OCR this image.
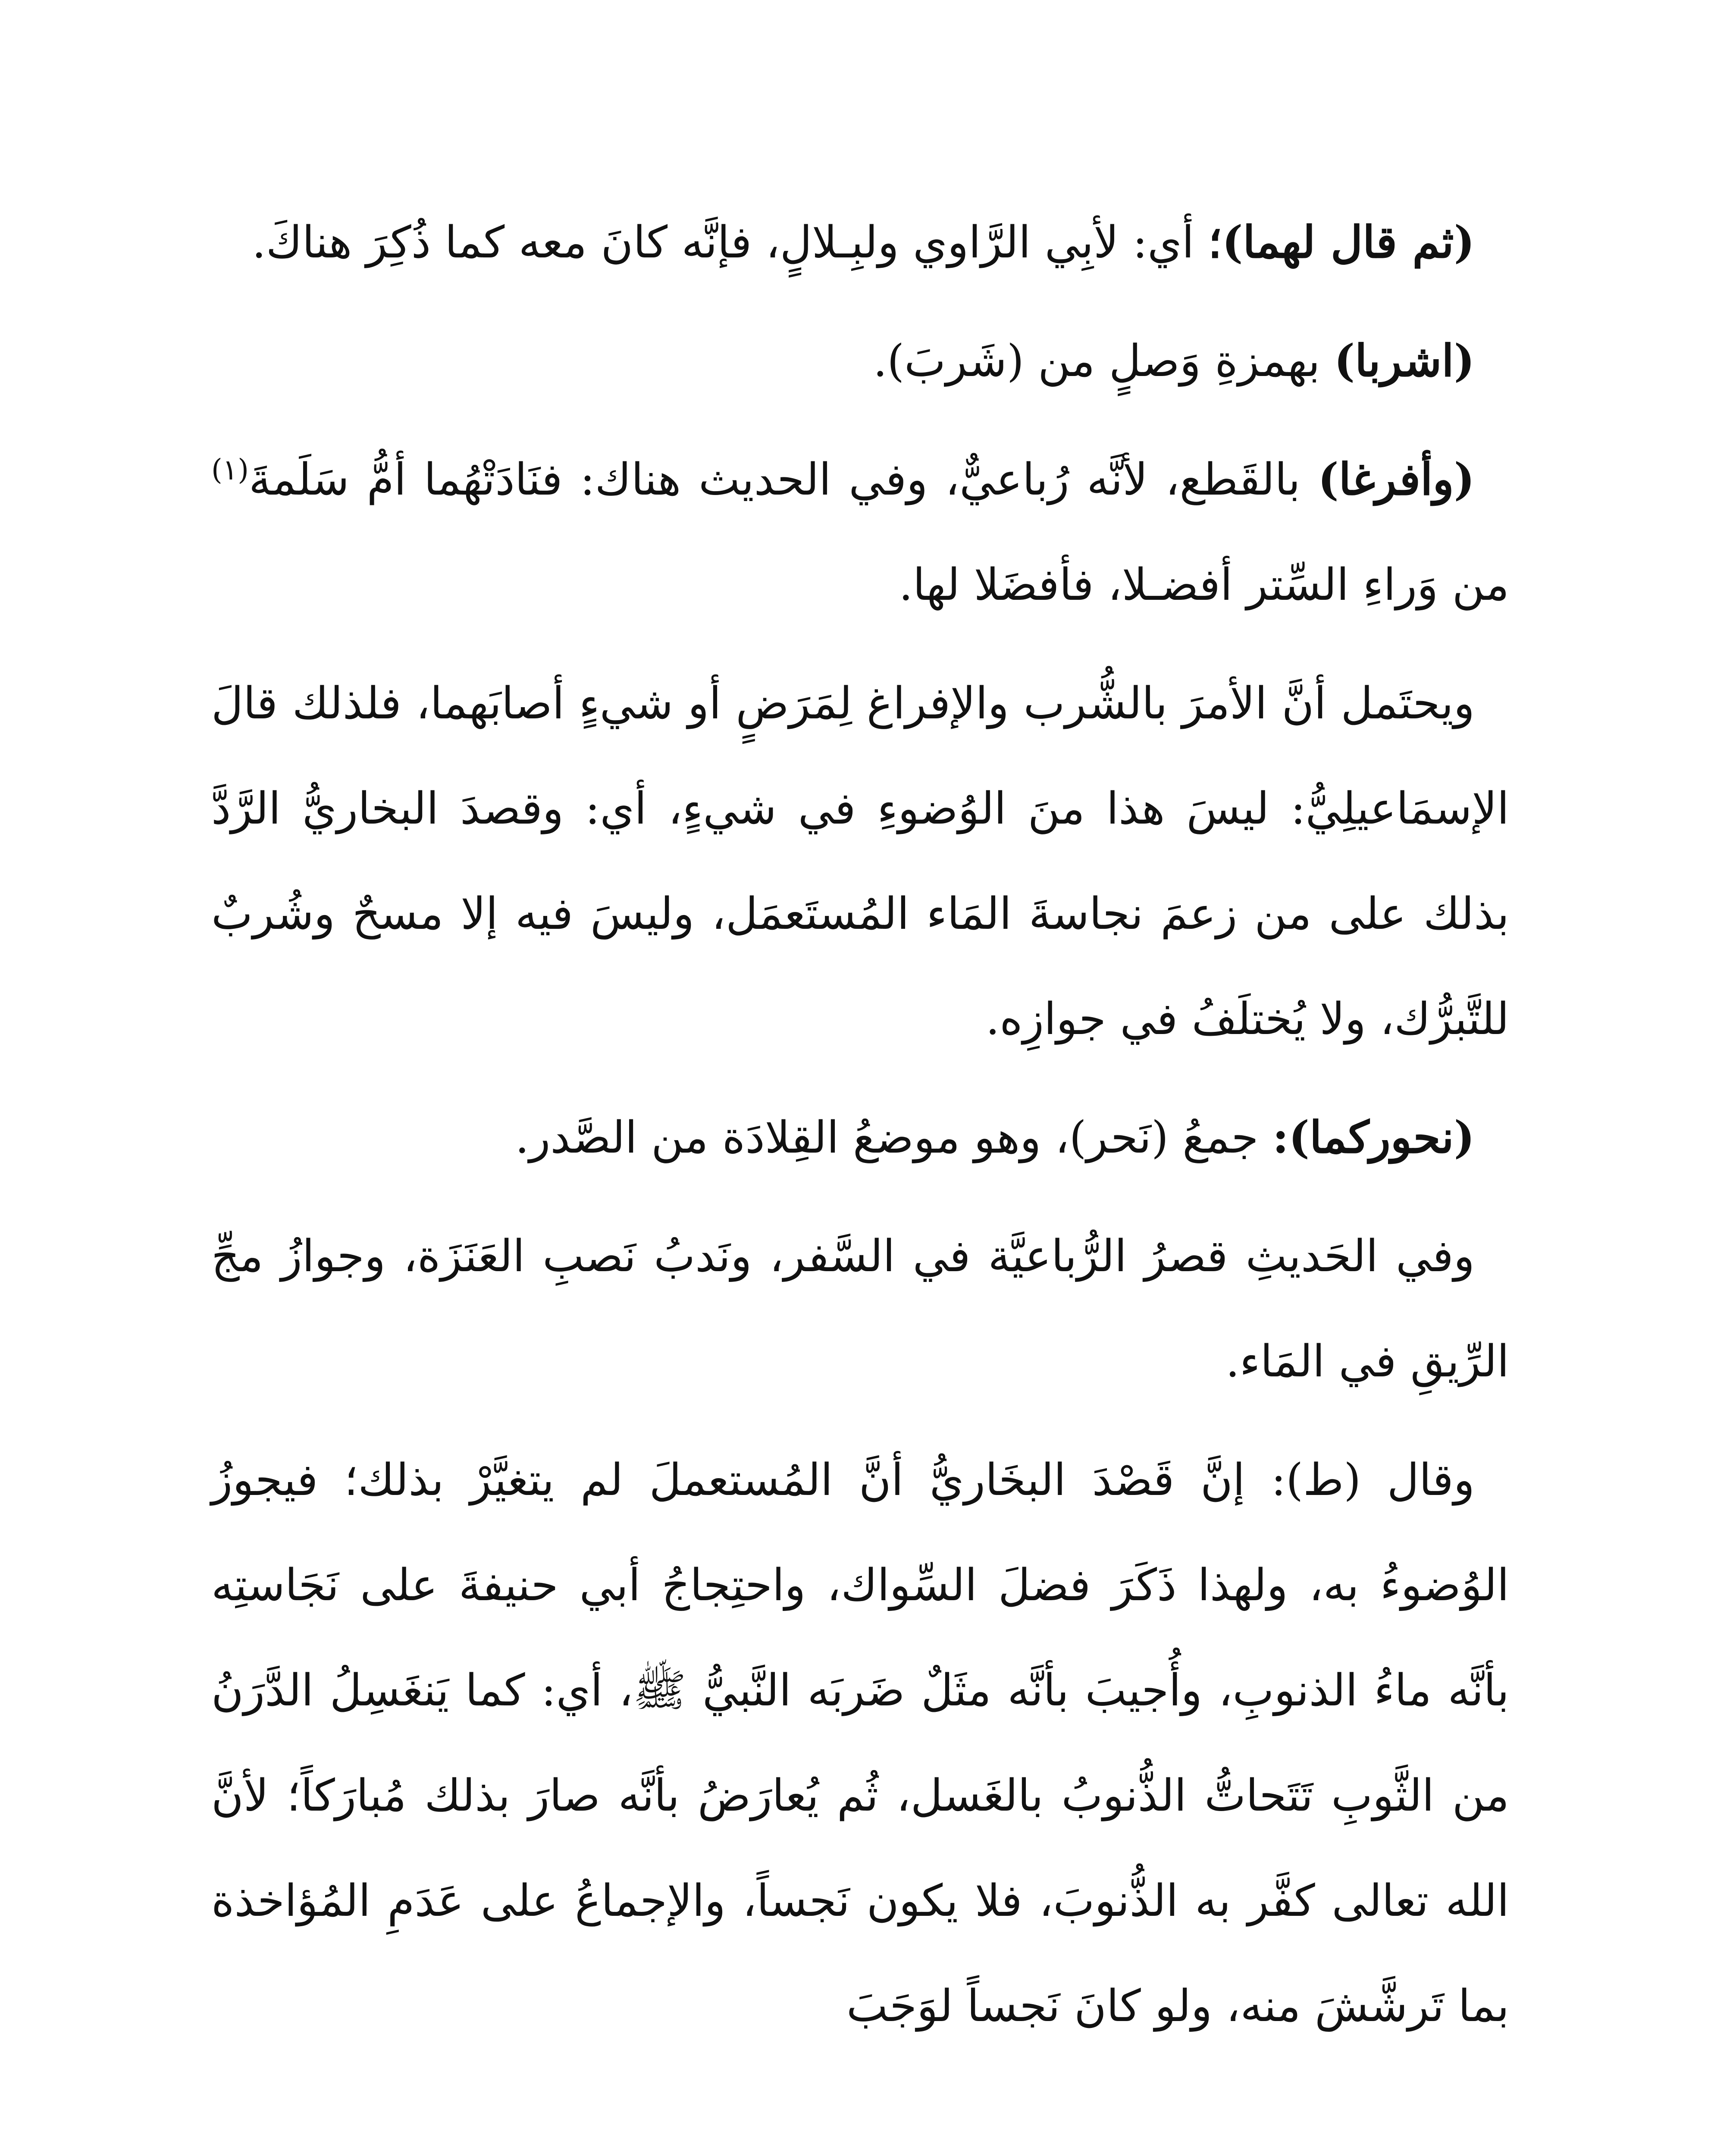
(ثم قال لهما)؛ أي: لأبِي الرَّاوي ولبِـلالٍ، فإنَّه كانَ معه كما ذُكِرَ هناكَ.

(اشربا) بهمزةِ وَصلٍ من (شَربَ).

(وأفرغا) بالقَطع، لأنَّه رُباعيٌّ، وفي الحديث هناك: فنَادَتْهُما أمُّ سَلَمةَ$^{(١)}$ من وَراءِ السِّتر أفضـلا، فأفضَلا لها.

ويحتَمل أنَّ الأمرَ بالشُّرب والإفراغ لِمَرَضٍ أو شيءٍ أصابَهما، فلذلك قالَ الإسمَاعيلِيُّ: ليسَ هذا منَ الوُضوءِ في شيءٍ، أي: وقصدَ البخاريُّ الرَّدَّ بذلك على من زعمَ نجاسةَ المَاء المُستَعمَل، وليسَ فيه إلا مسحٌ وشُربٌ للتَّبرُّك، ولا يُختلَفُ في جوازِه.

(نحوركما): جمعُ (نَحر)، وهو موضعُ القِلادَة من الصَّدر.

وفي الحَديثِ قصرُ الرُّباعيَّة في السَّفر، ونَدبُ نَصبِ العَنَزَة، وجوازُ مجِّ الرِّيقِ في المَاء.

وقال (ط): إنَّ قَصْدَ البخَاريُّ أنَّ المُستعملَ لم يتغيَّرْ بذلك؛ فيجوزُ الوُضوءُ به، ولهذا ذَكَرَ فضلَ السِّواك، واحتِجاجُ أبي حنيفةَ على نَجَاستِه بأنَّه ماءُ الذنوبِ، وأُجيبَ بأنَّه مثَلٌ ضَربَه النَّبيُّ ﷺ، أي: كما يَنغَسِلُ الدَّرَنُ من الثَّوبِ تَتَحاتُّ الذُّنوبُ بالغَسل، ثُم يُعارَضُ بأنَّه صارَ بذلك مُبارَكاً؛ لأنَّ الله تعالى كفَّر به الذُّنوبَ، فلا يكون نَجساً، والإجماعُ على عَدَمِ المُؤاخذة بما تَرشَّشَ منه، ولو كانَ نَجساً لوَجَبَ
